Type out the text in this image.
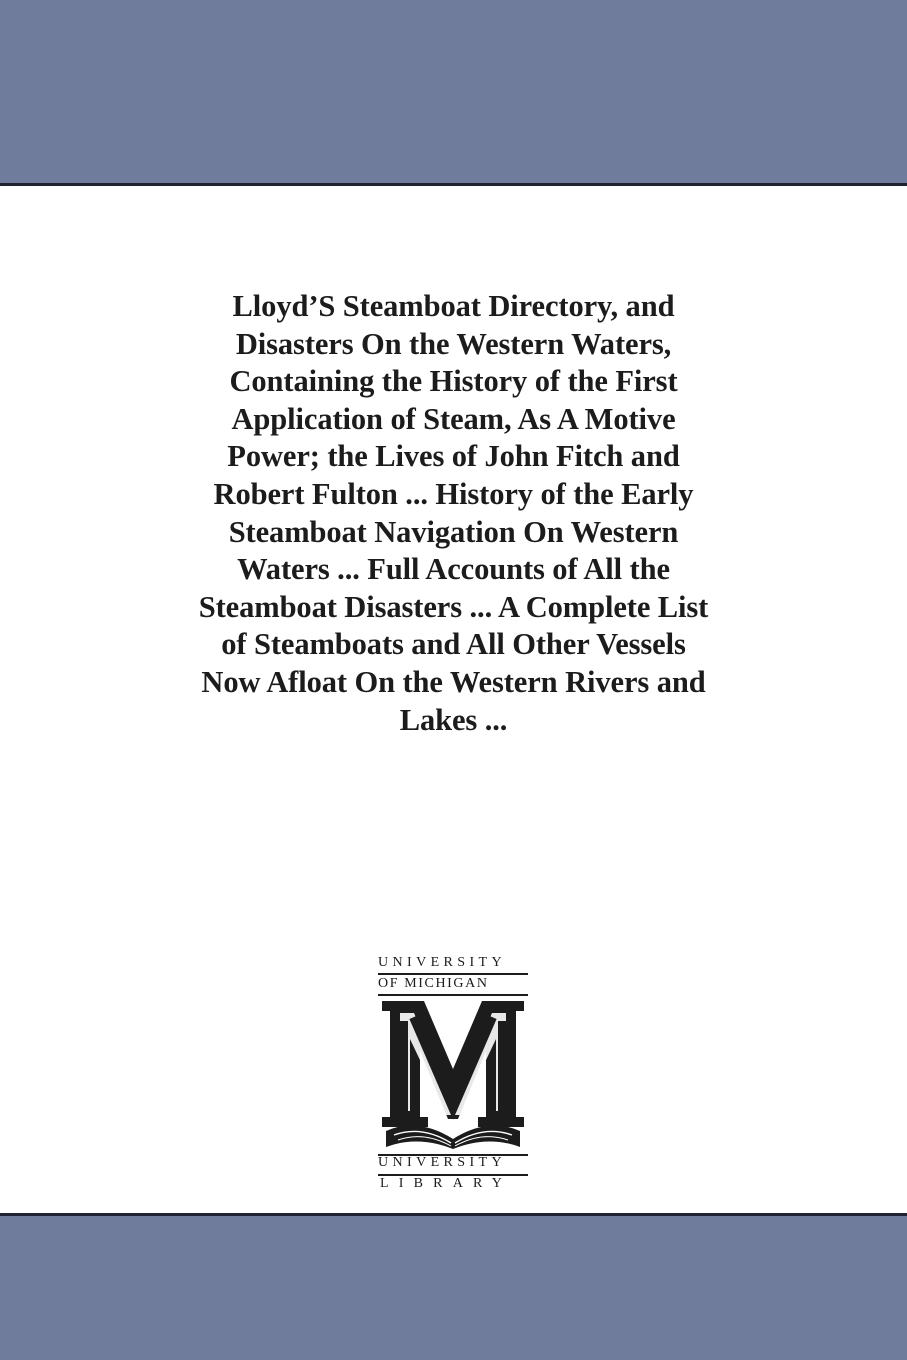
Lloyd’S Steamboat Directory, and
Disasters On the Western Waters,
Containing the History of the First
Application of Steam, As A Motive
Power; the Lives of John Fitch and
Robert Fulton ... History of the Early
Steamboat Navigation On Western
Waters ... Full Accounts of All the
Steamboat Disasters ... A Complete List
of Steamboats and All Other Vessels
Now Afloat On the Western Rivers and
Lakes ...
UNIVERSITY
OF MICHIGAN
UNIVERSITY
LIBRARY
